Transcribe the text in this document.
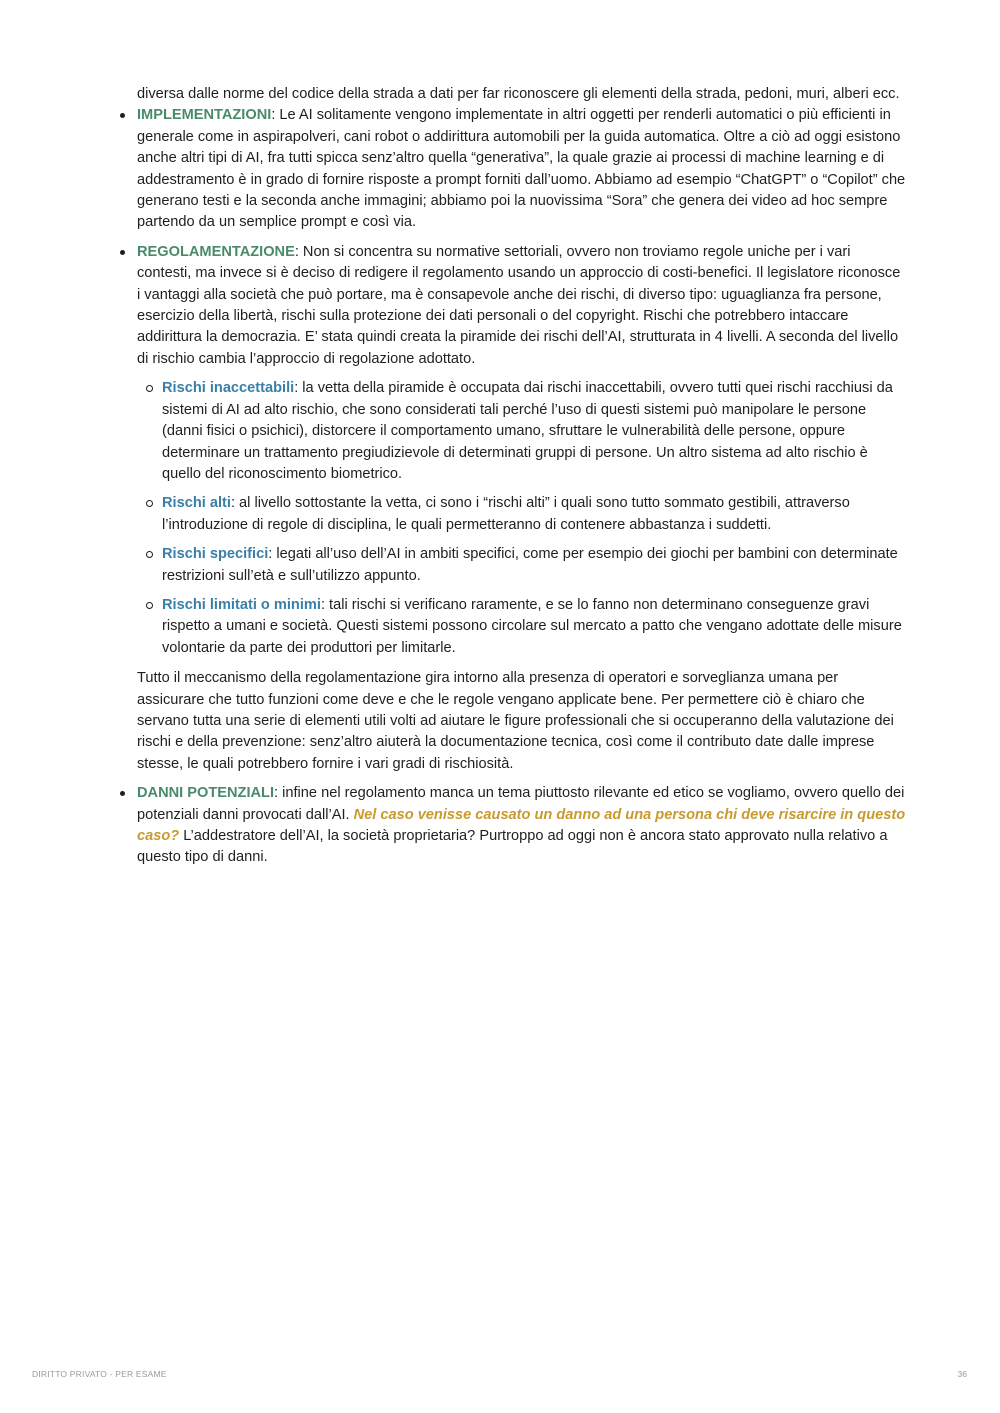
diversa dalle norme del codice della strada a dati per far riconoscere gli elementi della strada, pedoni, muri, alberi ecc.

IMPLEMENTAZIONI: Le AI solitamente vengono implementate in altri oggetti per renderli automatici o più efficienti in generale come in aspirapolveri, cani robot o addirittura automobili per la guida automatica. Oltre a ciò ad oggi esistono anche altri tipi di AI, fra tutti spicca senz’altro quella “generativa”, la quale grazie ai processi di machine learning e di addestramento è in grado di fornire risposte a prompt forniti dall’uomo. Abbiamo ad esempio “ChatGPT” o “Copilot” che generano testi e la seconda anche immagini; abbiamo poi la nuovissima “Sora” che genera dei video ad hoc sempre partendo da un semplice prompt e così via.
REGOLAMENTAZIONE: Non si concentra su normative settoriali, ovvero non troviamo regole uniche per i vari contesti, ma invece si è deciso di redigere il regolamento usando un approccio di costi-benefici. Il legislatore riconosce i vantaggi alla società che può portare, ma è consapevole anche dei rischi, di diverso tipo: uguaglianza fra persone, esercizio della libertà, rischi sulla protezione dei dati personali o del copyright. Rischi che potrebbero intaccare addirittura la democrazia. E’ stata quindi creata la piramide dei rischi dell’AI, strutturata in 4 livelli. A seconda del livello di rischio cambia l’approccio di regolazione adottato.
Rischi inaccettabili: la vetta della piramide è occupata dai rischi inaccettabili, ovvero tutti quei rischi racchiusi da sistemi di AI ad alto rischio, che sono considerati tali perché l’uso di questi sistemi può manipolare le persone (danni fisici o psichici), distorcere il comportamento umano, sfruttare le vulnerabilità delle persone, oppure determinare un trattamento pregiudizievole di determinati gruppi di persone. Un altro sistema ad alto rischio è quello del riconoscimento biometrico.
Rischi alti: al livello sottostante la vetta, ci sono i “rischi alti” i quali sono tutto sommato gestibili, attraverso l’introduzione di regole di disciplina, le quali permetteranno di contenere abbastanza i suddetti.
Rischi specifici: legati all’uso dell’AI in ambiti specifici, come per esempio dei giochi per bambini con determinate restrizioni sull’età e sull’utilizzo appunto.
Rischi limitati o minimi: tali rischi si verificano raramente, e se lo fanno non determinano conseguenze gravi rispetto a umani e società. Questi sistemi possono circolare sul mercato a patto che vengano adottate delle misure volontarie da parte dei produttori per limitarle.

Tutto il meccanismo della regolamentazione gira intorno alla presenza di operatori e sorveglianza umana per assicurare che tutto funzioni come deve e che le regole vengano applicate bene. Per permettere ciò è chiaro che servano tutta una serie di elementi utili volti ad aiutare le figure professionali che si occuperanno della valutazione dei rischi e della prevenzione: senz’altro aiuterà la documentazione tecnica, così come il contributo date dalle imprese stesse, le quali potrebbero fornire i vari gradi di rischiosità.

DANNI POTENZIALI: infine nel regolamento manca un tema piuttosto rilevante ed etico se vogliamo, ovvero quello dei potenziali danni provocati dall’AI. Nel caso venisse causato un danno ad una persona chi deve risarcire in questo caso? L’addestratore dell’AI, la società proprietaria? Purtroppo ad oggi non è ancora stato approvato nulla relativo a questo tipo di danni.
DIRITTO PRIVATO - PER ESAME	36
